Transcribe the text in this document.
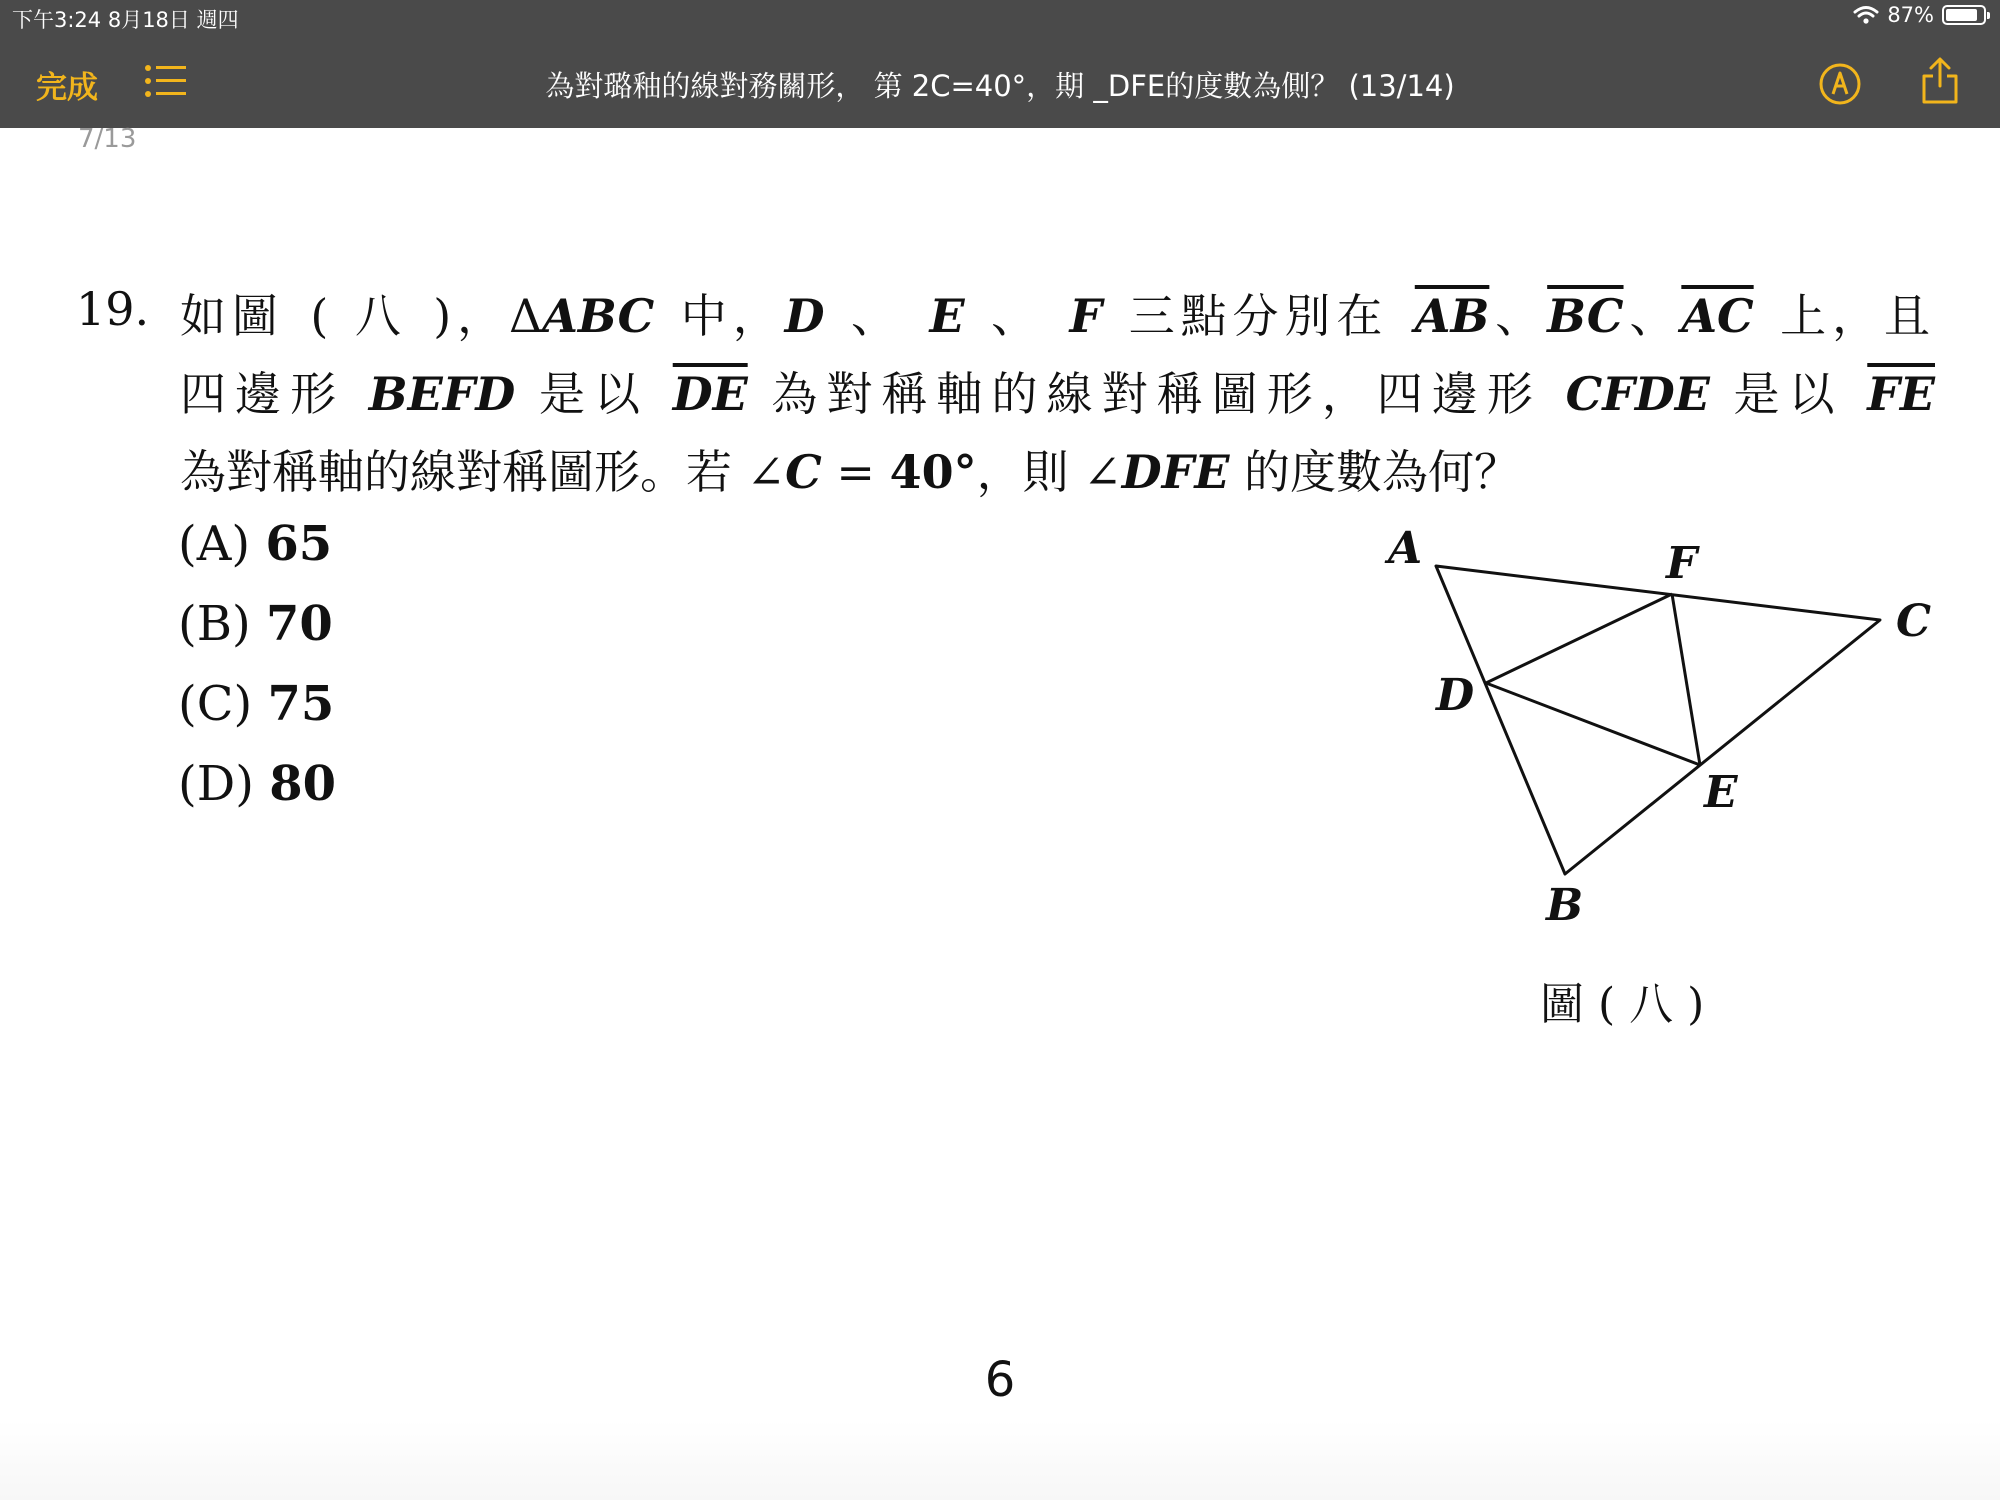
下午3:24 8月18日 週四	87%
完成	為對璐釉的線對務關形， 第 2C=40°，期 _DFE的度數為側？ (13/14)
7/13
19. 如圖 ( 八 )，ΔABC 中，D 、 E 、 F 三點分別在 $\overline{AB}$、$\overline{BC}$、$\overline{AC}$ 上，且
四邊形 BEFD 是以 $\overline{DE}$ 為對稱軸的線對稱圖形，四邊形 CFDE 是以 $\overline{FE}$
為對稱軸的線對稱圖形。若 ∠C = 40°，則 ∠DFE 的度數為何？
(A) 65
(B) 70
(C) 75
(D) 80
A	F
C
D
E
B
圖 ( 八 )
6
